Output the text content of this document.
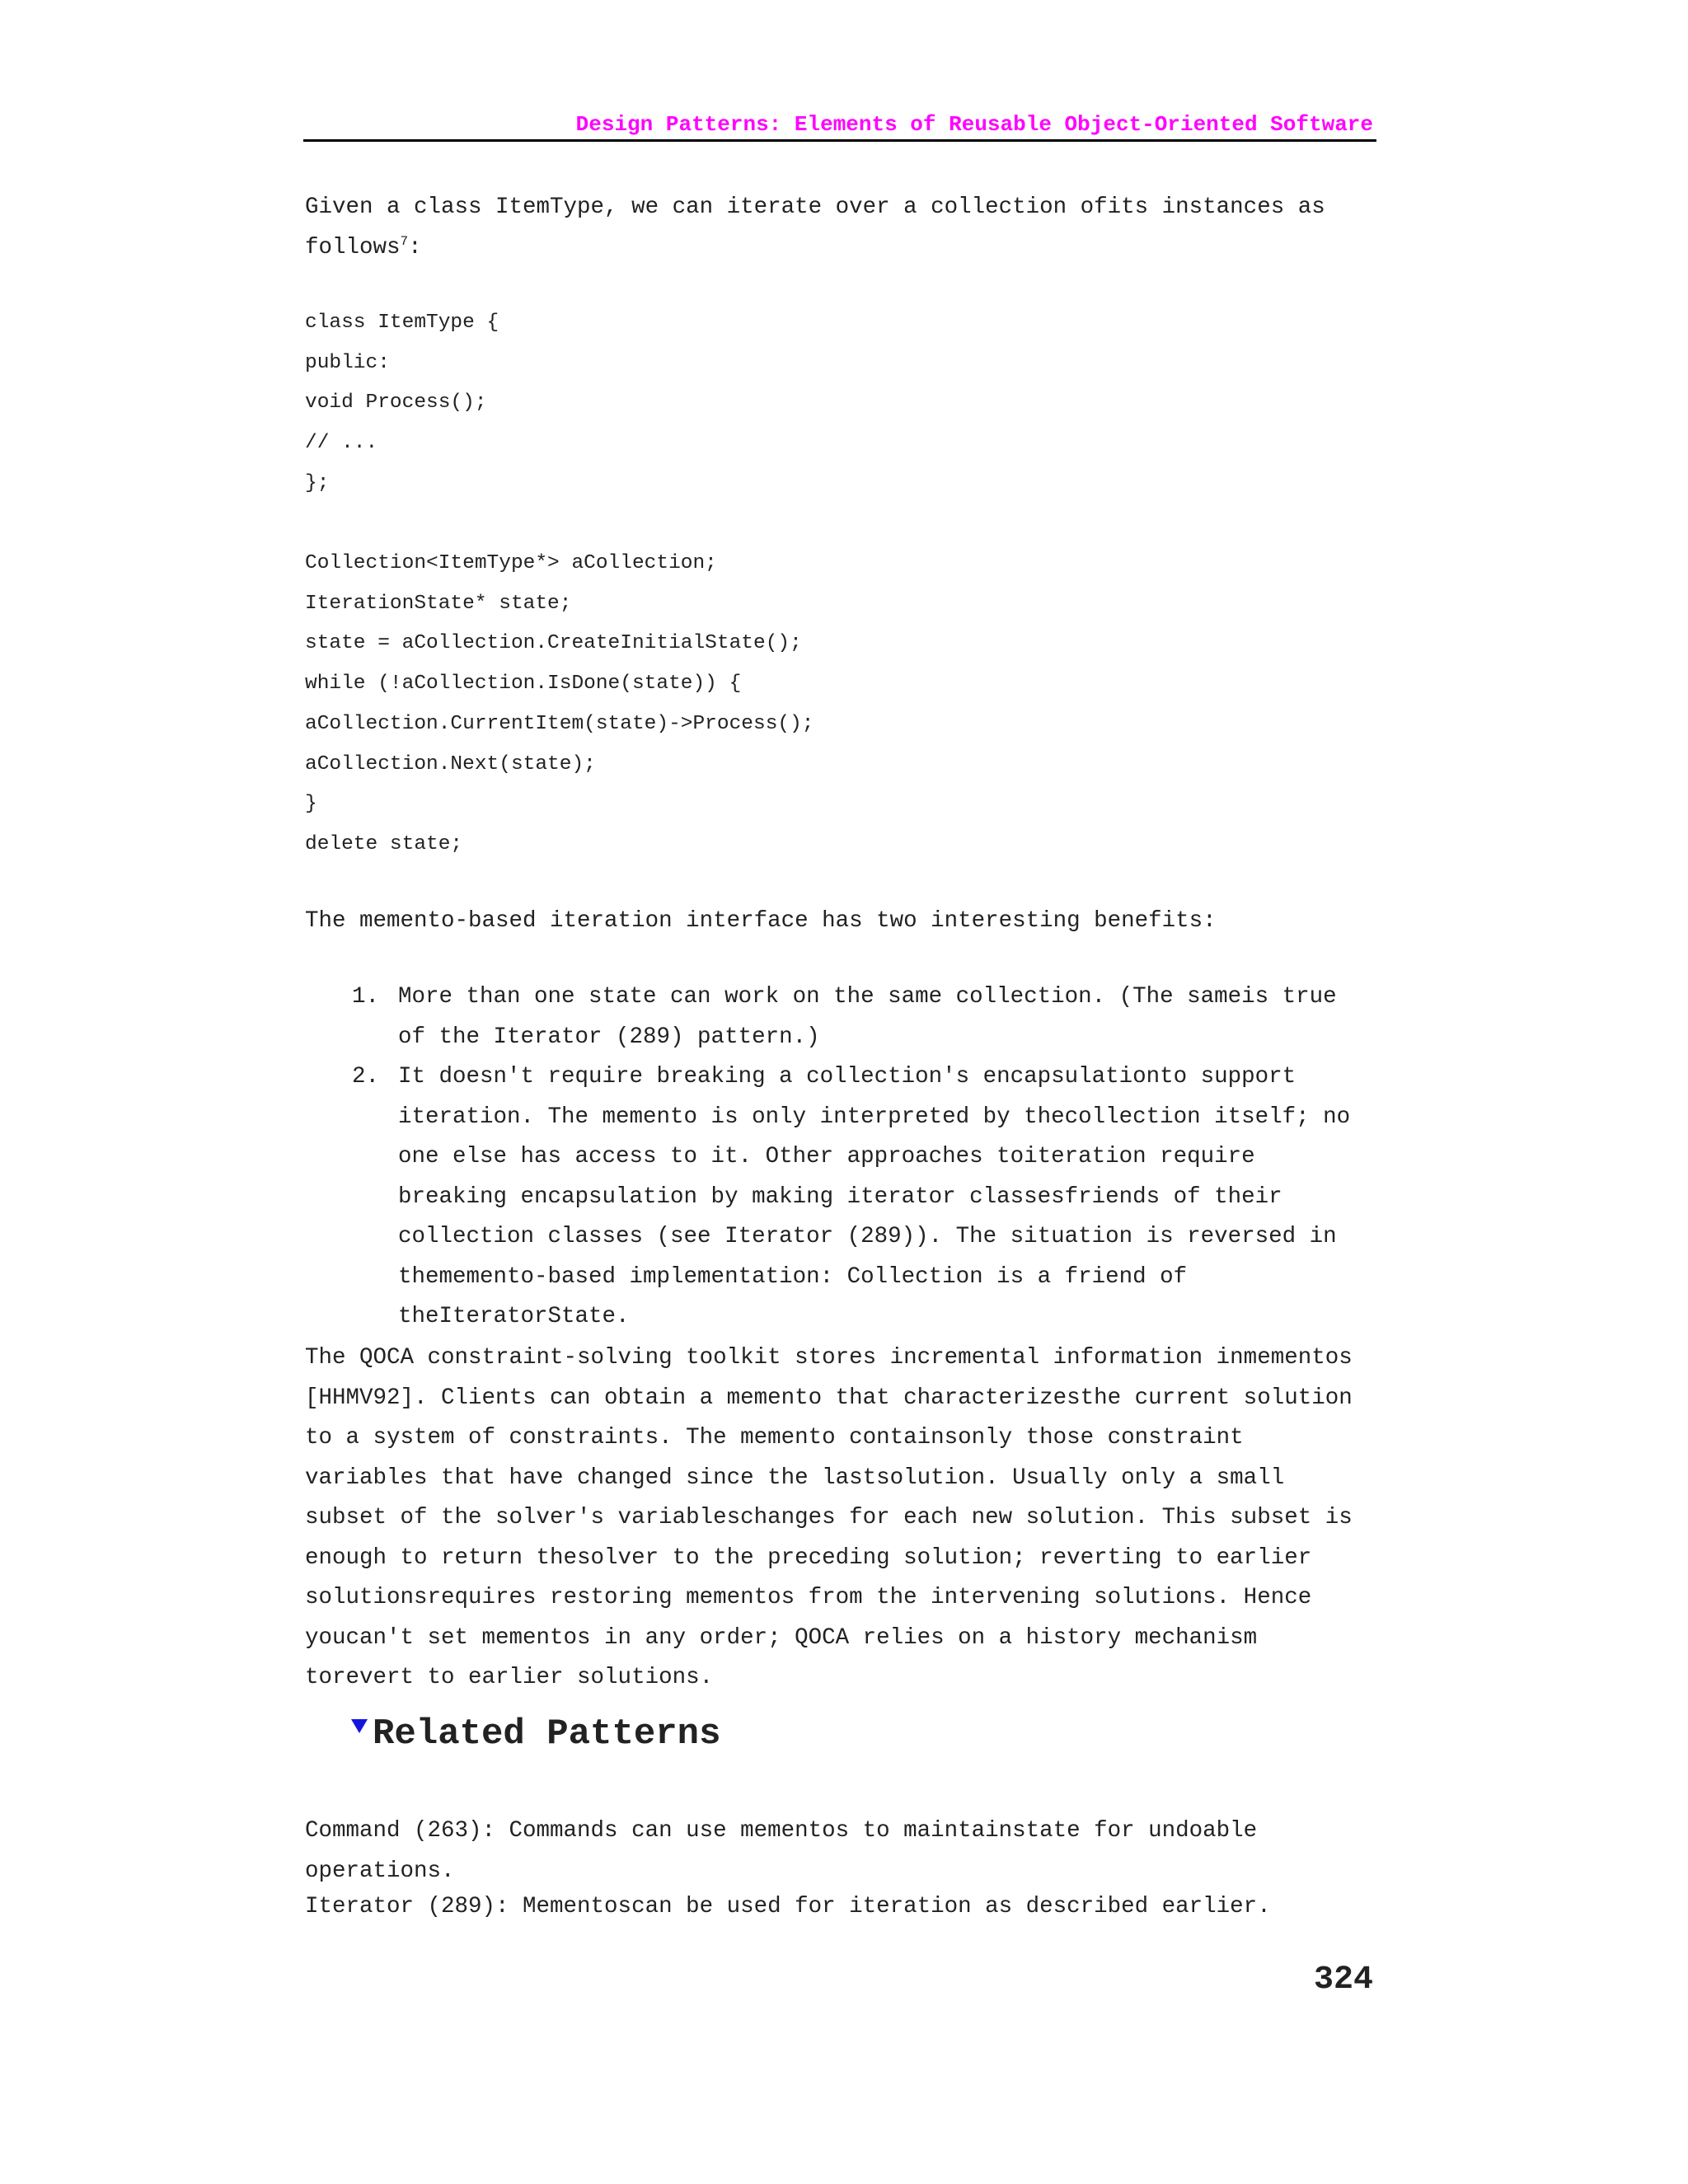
Design Patterns: Elements of Reusable Object-Oriented Software

Given a class ItemType, we can iterate over a collection ofits instances as follows$^7$:

class ItemType {
public:
void Process();
// ...
};
Collection<ItemType*> aCollection;
IterationState* state;
state = aCollection.CreateInitialState();
while (!aCollection.IsDone(state)) {
aCollection.CurrentItem(state)->Process();
aCollection.Next(state);
}
delete state;

The memento-based iteration interface has two interesting benefits:

1. More than one state can work on the same collection. (The sameis true of the Iterator (289) pattern.)
2. It doesn't require breaking a collection's encapsulationto support iteration. The memento is only interpreted by thecollection itself; no one else has access to it. Other approaches toiteration require breaking encapsulation by making iterator classesfriends of their collection classes (see Iterator (289)). The situation is reversed in thememento-based implementation: Collection is a friend of theIteratorState.

The QOCA constraint-solving toolkit stores incremental information inmementos [HHMV92]. Clients can obtain a memento that characterizesthe current solution to a system of constraints. The memento containsonly those constraint variables that have changed since the lastsolution. Usually only a small subset of the solver's variableschanges for each new solution. This subset is enough to return thesolver to the preceding solution; reverting to earlier solutionsrequires restoring mementos from the intervening solutions. Hence youcan't set mementos in any order; QOCA relies on a history mechanism torevert to earlier solutions.

Related Patterns

Command (263): Commands can use mementos to maintainstate for undoable operations.

Iterator (289): Mementoscan be used for iteration as described earlier.

324
